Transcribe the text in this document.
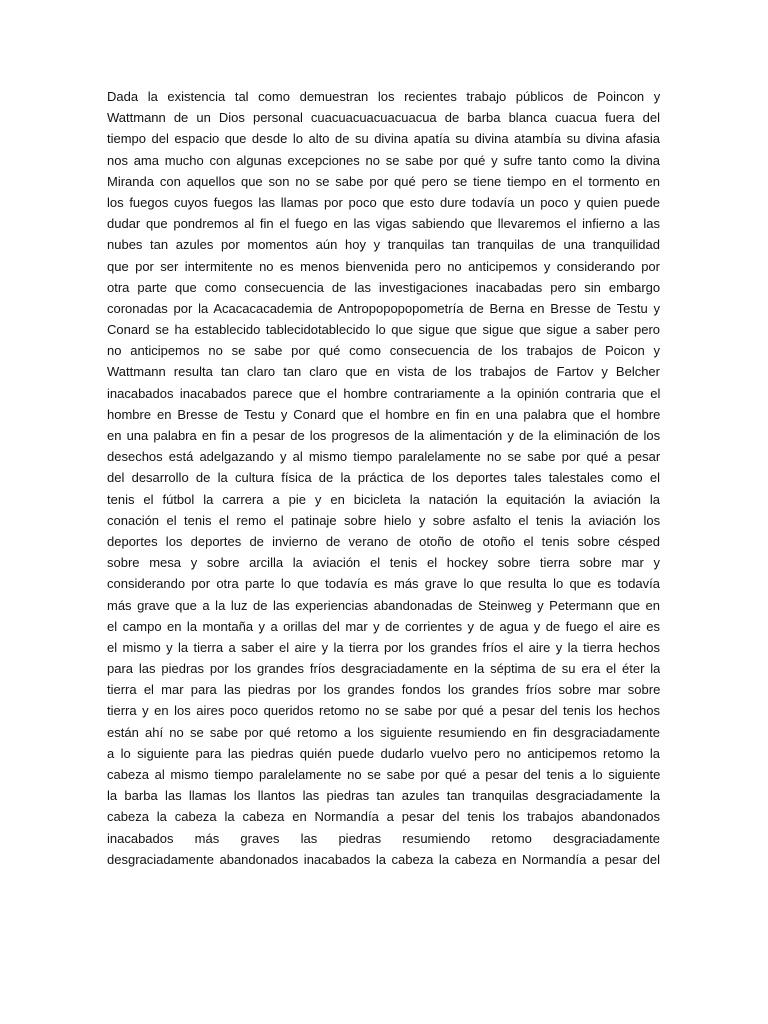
Dada la existencia tal como demuestran los recientes trabajo públicos de Poincon y
Wattmann de un Dios personal cuacuacuacuacuacua de barba blanca cuacua fuera del
tiempo del espacio que desde lo alto de su divina apatía su divina atambía su divina afasia
nos ama mucho con algunas excepciones no se sabe por qué y sufre tanto como la divina
Miranda con aquellos que son no se sabe por qué pero se tiene tiempo en el tormento en
los fuegos cuyos fuegos las llamas por poco que esto dure todavía un poco y quien puede
dudar que pondremos al fin el fuego en las vigas sabiendo que llevaremos el infierno a las
nubes tan azules por momentos aún hoy y tranquilas tan tranquilas de una tranquilidad
que por ser intermitente no es menos bienvenida pero no anticipemos y considerando por
otra parte que como consecuencia de las investigaciones inacabadas pero sin embargo
coronadas por la Acacacacademia de Antropopopopometría de Berna en Bresse de Testu y
Conard se ha establecido tablecidotablecido lo que sigue que sigue que sigue a saber pero
no anticipemos no se sabe por qué como consecuencia de los trabajos de Poicon y
Wattmann resulta tan claro tan claro que en vista de los trabajos de Fartov y Belcher
inacabados inacabados parece que el hombre contrariamente a la opinión contraria que el
hombre en Bresse de Testu y Conard que el hombre en fin en una palabra que el hombre
en una palabra en fin a pesar de los progresos de la alimentación y de la eliminación de los
desechos está adelgazando y al mismo tiempo paralelamente no se sabe por qué a pesar
del desarrollo de la cultura física de la práctica de los deportes tales talestales como el
tenis el fútbol la carrera a pie y en bicicleta la natación la equitación la aviación la
conación el tenis el remo el patinaje sobre hielo y sobre asfalto el tenis la aviación los
deportes los deportes de invierno de verano de otoño de otoño el tenis sobre césped
sobre mesa y sobre arcilla la aviación el tenis el hockey sobre tierra sobre mar y
considerando por otra parte lo que todavía es más grave lo que resulta lo que es todavía
más grave que a la luz de las experiencias abandonadas de Steinweg y Petermann que en
el campo en la montaña y a orillas del mar y de corrientes y de agua y de fuego el aire es
el mismo y la tierra a saber el aire y la tierra por los grandes fríos el aire y la tierra hechos
para las piedras por los grandes fríos desgraciadamente en la séptima de su era el éter la
tierra el mar para las piedras por los grandes fondos los grandes fríos sobre mar sobre
tierra y en los aires poco queridos retomo no se sabe por qué a pesar del tenis los hechos
están ahí no se sabe por qué retomo a los siguiente resumiendo en fin desgraciadamente
a lo siguiente para las piedras quién puede dudarlo vuelvo pero no anticipemos retomo la
cabeza al mismo tiempo paralelamente no se sabe por qué a pesar del tenis a lo siguiente
la barba las llamas los llantos las piedras tan azules tan tranquilas desgraciadamente la
cabeza la cabeza la cabeza en Normandía a pesar del tenis los trabajos abandonados
inacabados más graves las piedras resumiendo retomo desgraciadamente
desgraciadamente abandonados inacabados la cabeza la cabeza en Normandía a pesar del
